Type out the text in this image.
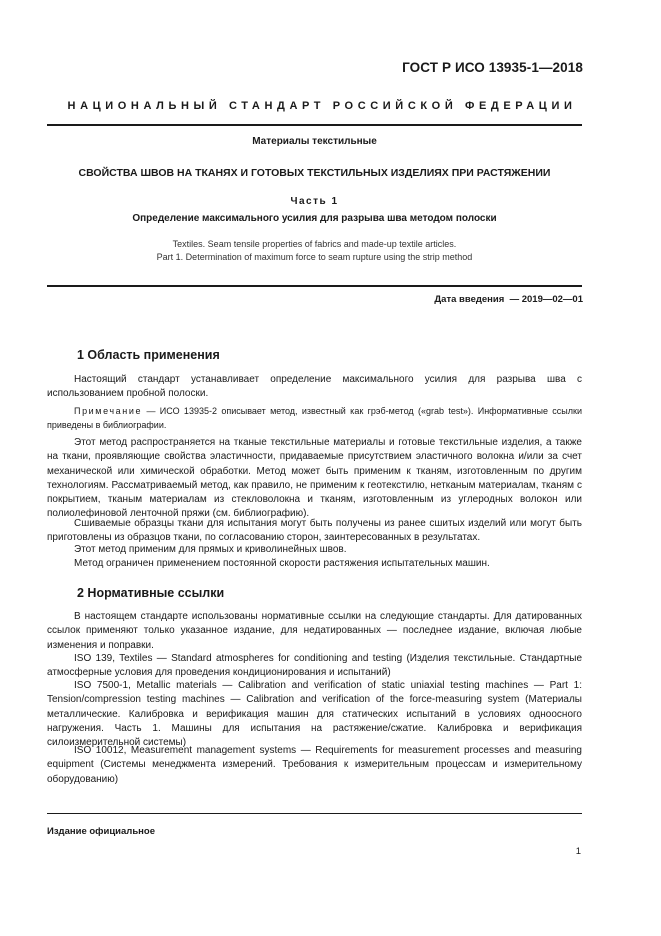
ГОСТ Р ИСО 13935-1—2018
НАЦИОНАЛЬНЫЙ СТАНДАРТ РОССИЙСКОЙ ФЕДЕРАЦИИ
Материалы текстильные
СВОЙСТВА ШВОВ НА ТКАНЯХ И ГОТОВЫХ ТЕКСТИЛЬНЫХ ИЗДЕЛИЯХ ПРИ РАСТЯЖЕНИИ
Часть 1
Определение максимального усилия для разрыва шва методом полоски
Textiles. Seam tensile properties of fabrics and made-up textile articles.
Part 1. Determination of maximum force to seam rupture using the strip method
Дата введения — 2019—02—01
1 Область применения
Настоящий стандарт устанавливает определение максимального усилия для разрыва шва с использованием пробной полоски.
Примечание — ИСО 13935-2 описывает метод, известный как грэб-метод («grab test»). Информативные ссылки приведены в библиографии.
Этот метод распространяется на тканые текстильные материалы и готовые текстильные изделия, а также на ткани, проявляющие свойства эластичности, придаваемые присутствием эластичного волокна и/или за счет механической или химической обработки. Метод может быть применим к тканям, изготовленным по другим технологиям. Рассматриваемый метод, как правило, не применим к геотекстилю, нетканым материалам, тканям с покрытием, тканым материалам из стекловолокна и тканям, изготовленным из углеродных волокон или полиолефиновой ленточной пряжи (см. библиографию).
Сшиваемые образцы ткани для испытания могут быть получены из ранее сшитых изделий или могут быть приготовлены из образцов ткани, по согласованию сторон, заинтересованных в результатах.
Этот метод применим для прямых и криволинейных швов.
Метод ограничен применением постоянной скорости растяжения испытательных машин.
2 Нормативные ссылки
В настоящем стандарте использованы нормативные ссылки на следующие стандарты. Для датированных ссылок применяют только указанное издание, для недатированных — последнее издание, включая любые изменения и поправки.
ISO 139, Textiles — Standard atmospheres for conditioning and testing (Изделия текстильные. Стандартные атмосферные условия для проведения кондиционирования и испытаний)
ISO 7500-1, Metallic materials — Calibration and verification of static uniaxial testing machines — Part 1: Tension/compression testing machines — Calibration and verification of the force-measuring system (Материалы металлические. Калибровка и верификация машин для статических испытаний в условиях одноосного нагружения. Часть 1. Машины для испытания на растяжение/сжатие. Калибровка и верификация силоизмерительной системы)
ISO 10012, Measurement management systems — Requirements for measurement processes and measuring equipment (Системы менеджмента измерений. Требования к измерительным процессам и измерительному оборудованию)
Издание официальное
1
